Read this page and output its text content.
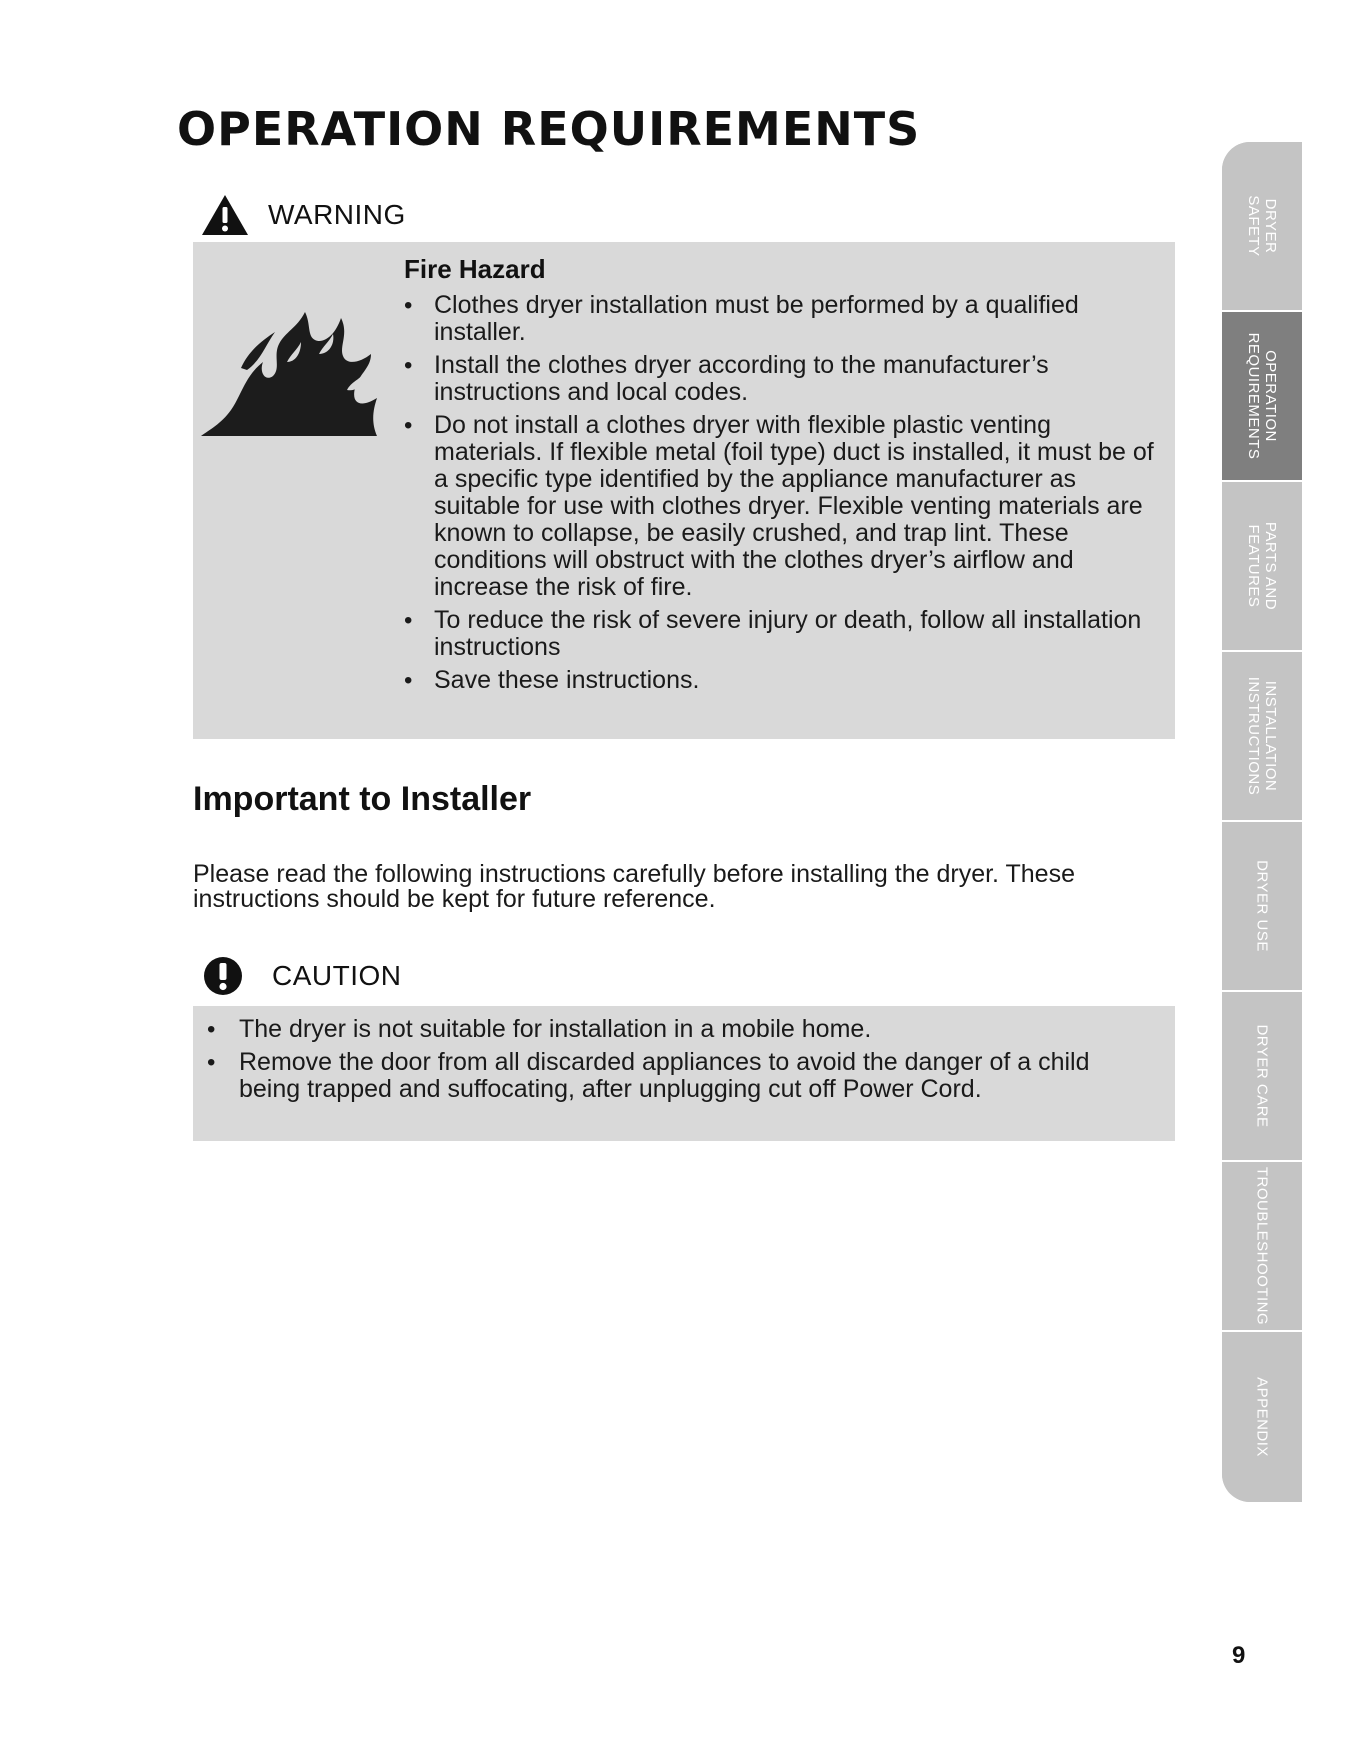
OPERATION REQUIREMENTS
WARNING
Fire Hazard
• Clothes dryer installation must be performed by a qualified installer.
• Install the clothes dryer according to the manufacturer’s instructions and local codes.
• Do not install a clothes dryer with flexible plastic venting materials. If flexible metal (foil type) duct is installed, it must be of a specific type identified by the appliance manufacturer as suitable for use with clothes dryer. Flexible venting materials are known to collapse, be easily crushed, and trap lint. These conditions will obstruct with the clothes dryer’s airflow and increase the risk of fire.
• To reduce the risk of severe injury or death, follow all installation instructions
• Save these instructions.
Important to Installer

Please read the following instructions carefully before installing the dryer. These instructions should be kept for future reference.

CAUTION
• The dryer is not suitable for installation in a mobile home.
• Remove the door from all discarded appliances to avoid the danger of a child being trapped and suffocating, after unplugging cut off Power Cord.
DRYER
SAFETY
OPERATION
REQUIREMENTS
PARTS AND
FEATURES
INSTALLATION
INSTRUCTIONS
DRYER USE
DRYER CARE
TROUBLESHOOTING
APPENDIX
9
